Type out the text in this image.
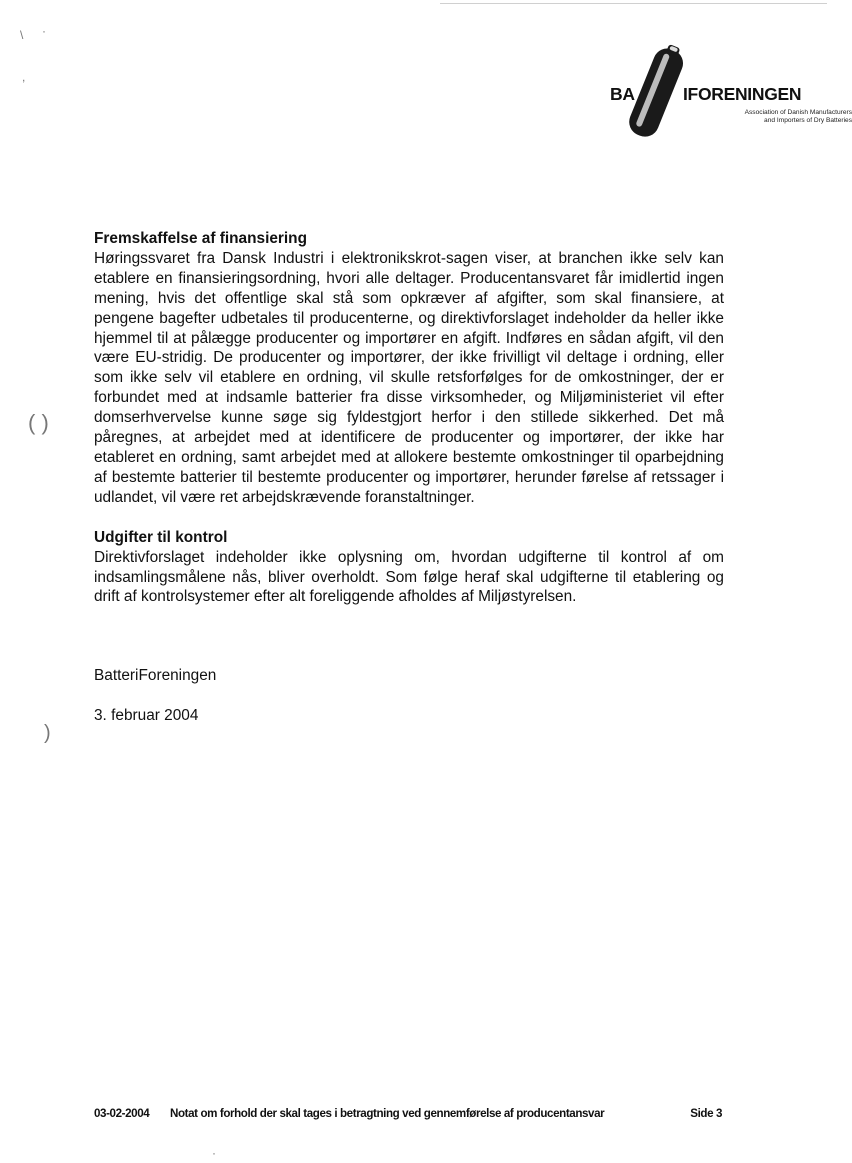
\ ·
,
( )
)
BA	IFORENINGEN
Association of Danish Manufacturers
and Importers of Dry Batteries
Fremskaffelse af finansiering
Høringssvaret fra Dansk Industri i elektronikskrot-sagen viser, at branchen ikke selv kan etablere en finansieringsordning, hvori alle deltager. Producentansvaret får imidlertid ingen mening, hvis det offentlige skal stå som opkræver af afgifter, som skal finansiere, at pengene bagefter udbetales til producenterne, og direktivforslaget indeholder da heller ikke hjemmel til at pålægge producenter og importører en afgift. Indføres en sådan afgift, vil den være EU-stridig. De producenter og importører, der ikke frivilligt vil deltage i ordning, eller som ikke selv vil etablere en ordning, vil skulle retsforfølges for de omkostninger, der er forbundet med at indsamle batterier fra disse virksomheder, og Miljøministeriet vil efter domserhvervelse kunne søge sig fyldestgjort herfor i den stillede sikkerhed. Det må påregnes, at arbejdet med at identificere de producenter og importører, der ikke har etableret en ordning, samt arbejdet med at allokere bestemte omkostninger til oparbejdning af bestemte batterier til bestemte producenter og importører, herunder førelse af retssager i udlandet, vil være ret arbejdskrævende foranstaltninger.
Udgifter til kontrol
Direktivforslaget indeholder ikke oplysning om, hvordan udgifterne til kontrol af om indsamlingsmålene nås, bliver overholdt. Som følge heraf skal udgifterne til etablering og drift af kontrolsystemer efter alt foreliggende afholdes af Miljøstyrelsen.
BatteriForeningen
3. februar 2004
03-02-2004 Notat om forhold der skal tages i betragtning ved gennemførelse af producentansvar	Side 3
·
